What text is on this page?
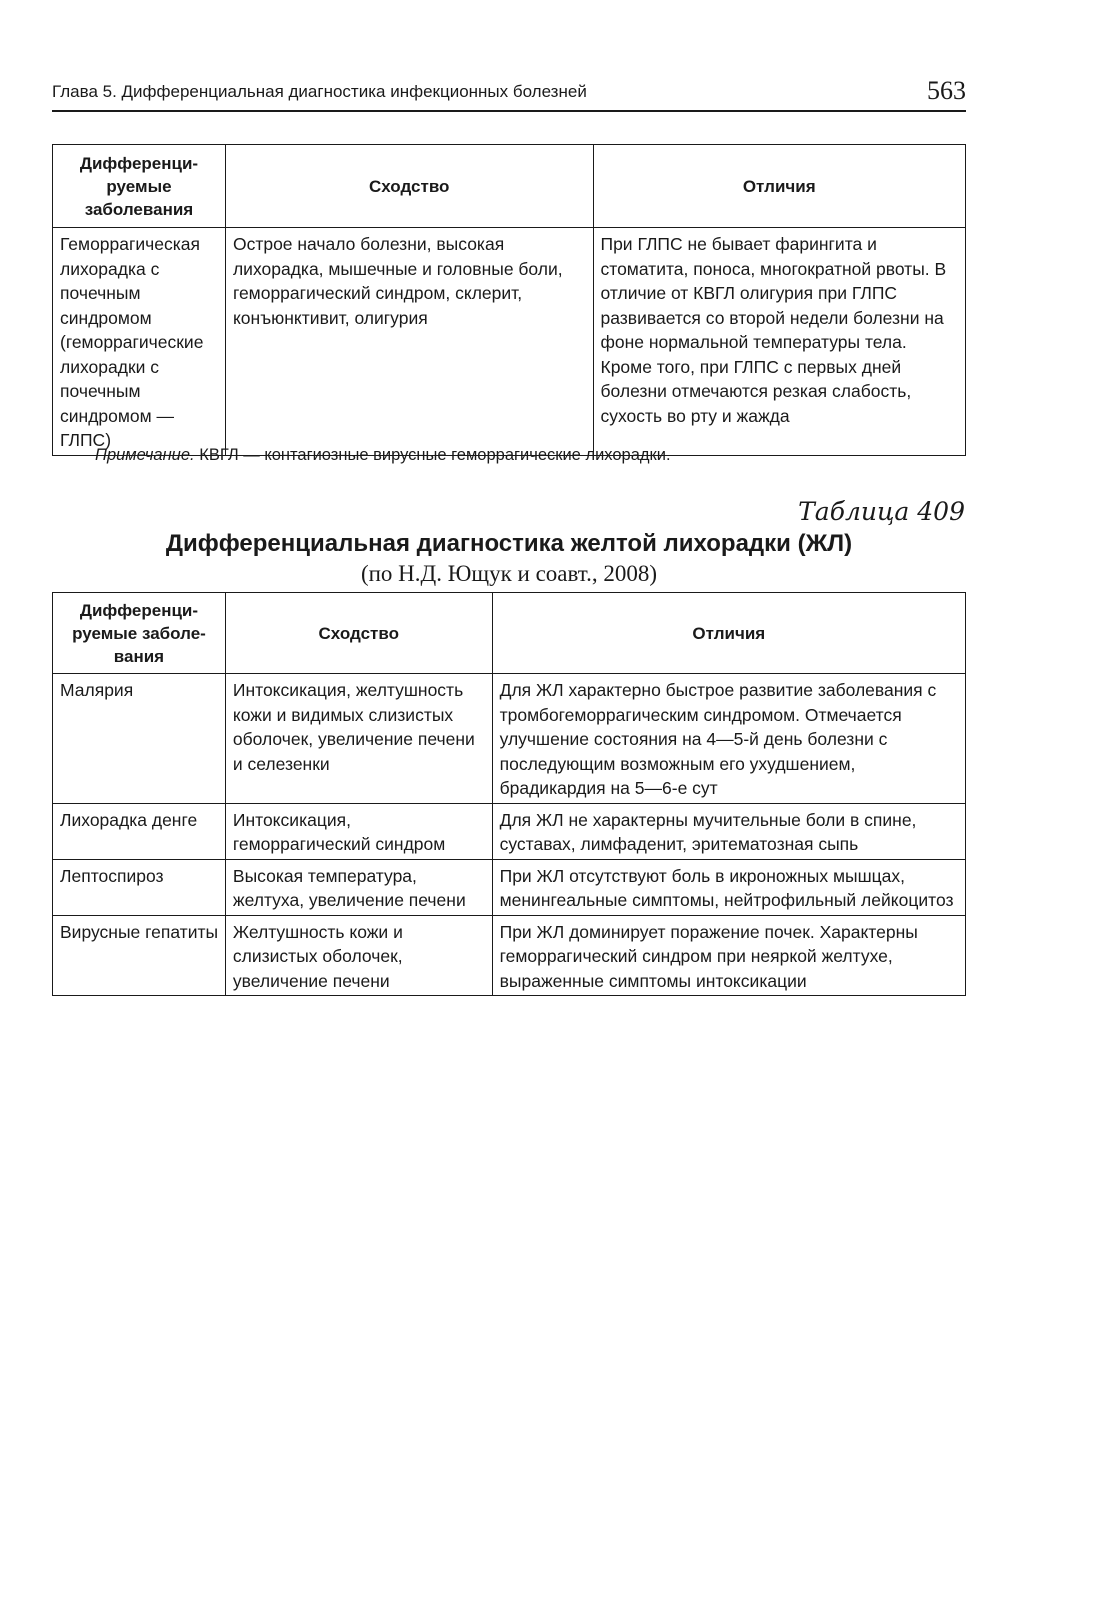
Глава 5. Дифференциальная диагностика инфекционных болезней	563
Дифференци-руемые заболевания	Сходство	Отличия
Геморрагическая лихорадка с почечным синдромом (геморрагические лихорадки с почечным синдромом — ГЛПС)	Острое начало болезни, высокая лихорадка, мышечные и головные боли, геморрагический синдром, склерит, конъюнктивит, олигурия	При ГЛПС не бывает фарингита и стоматита, поноса, многократной рвоты. В отличие от КВГЛ олигурия при ГЛПС развивается со второй недели болезни на фоне нормальной температуры тела. Кроме того, при ГЛПС с первых дней болезни отмечаются резкая слабость, сухость во рту и жажда
Примечание. КВГЛ — контагиозные вирусные геморрагические лихорадки.
Таблица 409
Дифференциальная диагностика желтой лихорадки (ЖЛ)
(по Н.Д. Ющук и соавт., 2008)
Дифференци-руемые заболе-вания	Сходство	Отличия
Малярия	Интоксикация, желтушность кожи и видимых слизистых оболочек, увеличение печени и селезенки	Для ЖЛ характерно быстрое развитие заболевания с тромбогеморрагическим синдромом. Отмечается улучшение состояния на 4—5-й день болезни с последующим возможным его ухудшением, брадикардия на 5—6-е сут
Лихорадка денге	Интоксикация, геморрагический синдром	Для ЖЛ не характерны мучительные боли в спине, суставах, лимфаденит, эритематозная сыпь
Лептоспироз	Высокая температура, желтуха, увеличение печени	При ЖЛ отсутствуют боль в икроножных мышцах, менингеальные симптомы, нейтрофильный лейкоцитоз
Вирусные гепатиты	Желтушность кожи и слизистых оболочек, увеличение печени	При ЖЛ доминирует поражение почек. Характерны геморрагический синдром при неяркой желтухе, выраженные симптомы интоксикации
